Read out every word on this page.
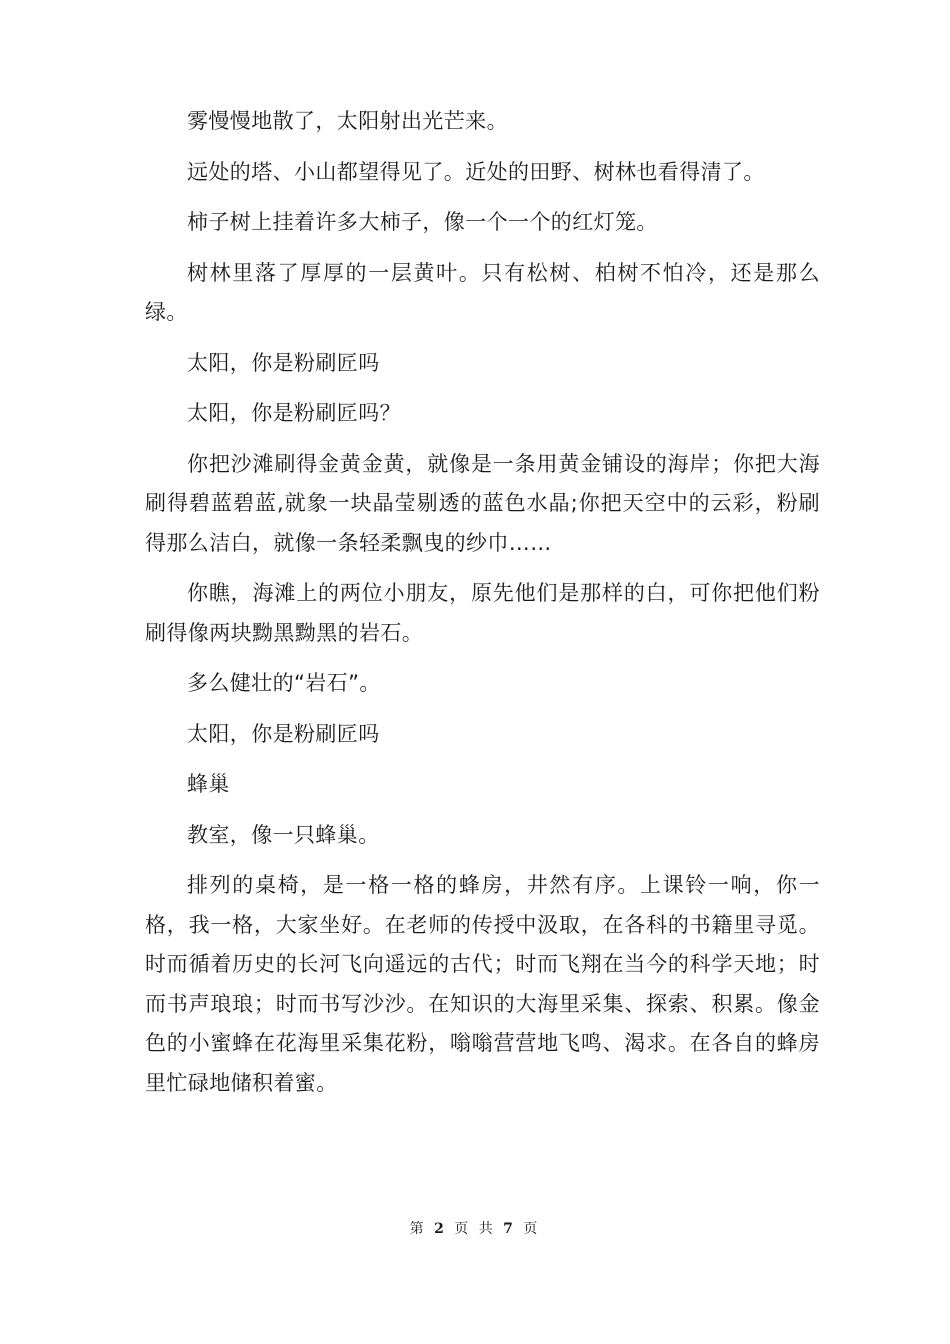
雾慢慢地散了，太阳射出光芒来。

远处的塔、小山都望得见了。近处的田野、树林也看得清了。

柿子树上挂着许多大柿子，像一个一个的红灯笼。

树林里落了厚厚的一层黄叶。只有松树、柏树不怕冷，还是那么绿。

太阳，你是粉刷匠吗

太阳，你是粉刷匠吗？

你把沙滩刷得金黄金黄，就像是一条用黄金铺设的海岸；你把大海刷得碧蓝碧蓝,就象一块晶莹剔透的蓝色水晶;你把天空中的云彩，粉刷得那么洁白，就像一条轻柔飘曳的纱巾……

你瞧，海滩上的两位小朋友，原先他们是那样的白，可你把他们粉刷得像两块黝黑黝黑的岩石。

多么健壮的“岩石”。

太阳，你是粉刷匠吗

蜂巢

教室，像一只蜂巢。

排列的桌椅，是一格一格的蜂房，井然有序。上课铃一响，你一格，我一格，大家坐好。在老师的传授中汲取，在各科的书籍里寻觅。时而循着历史的长河飞向遥远的古代；时而飞翔在当今的科学天地；时而书声琅琅；时而书写沙沙。在知识的大海里采集、探索、积累。像金色的小蜜蜂在花海里采集花粉，嗡嗡营营地飞鸣、渴求。在各自的蜂房里忙碌地储积着蜜。

第 2 页 共 7 页
